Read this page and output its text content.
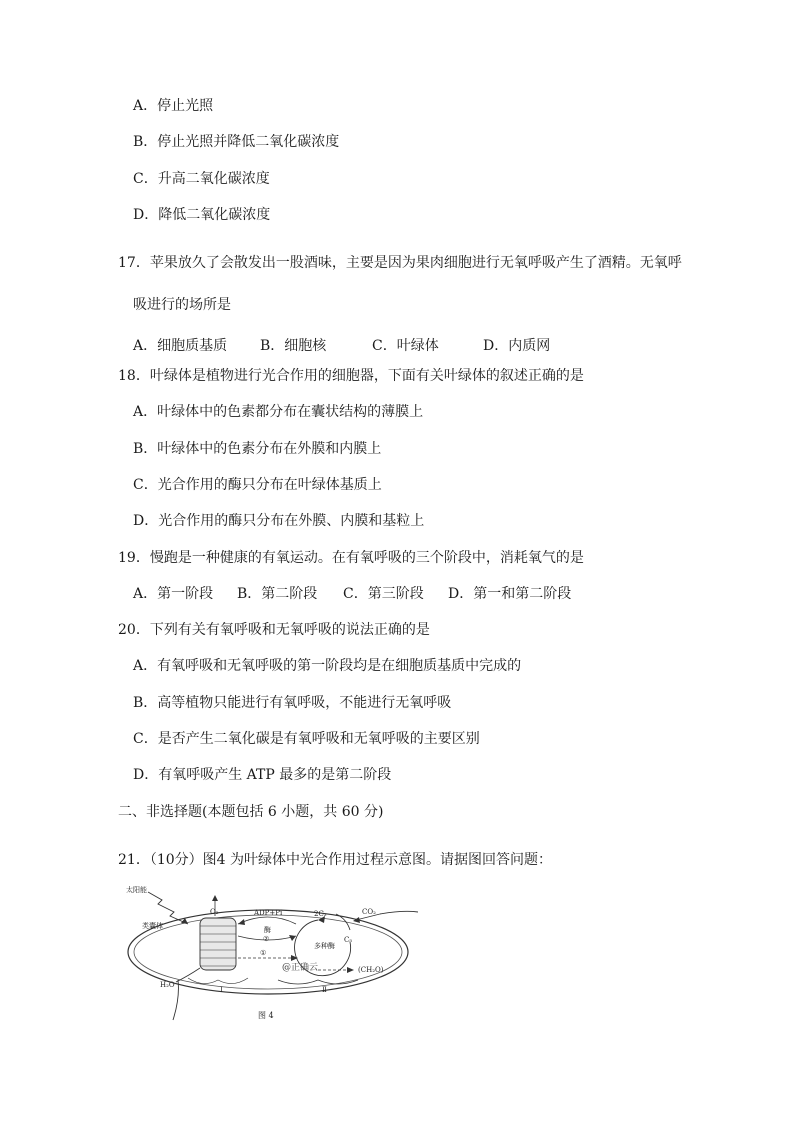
A．停止光照
B．停止光照并降低二氧化碳浓度
C．升高二氧化碳浓度
D．降低二氧化碳浓度
17．苹果放久了会散发出一股酒味，主要是因为果肉细胞进行无氧呼吸产生了酒精。无氧呼
吸进行的场所是
A．细胞质基质 B．细胞核	C．叶绿体	D．内质网
18．叶绿体是植物进行光合作用的细胞器，下面有关叶绿体的叙述正确的是
A．叶绿体中的色素都分布在囊状结构的薄膜上
B．叶绿体中的色素分布在外膜和内膜上
C．光合作用的酶只分布在叶绿体基质上
D．光合作用的酶只分布在外膜、内膜和基粒上
19．慢跑是一种健康的有氧运动。在有氧呼吸的三个阶段中，消耗氧气的是
A．第一阶段 B．第二阶段 C．第三阶段 D．第一和第二阶段
20．下列有关有氧呼吸和无氧呼吸的说法正确的是
A．有氧呼吸和无氧呼吸的第一阶段均是在细胞质基质中完成的
B．高等植物只能进行有氧呼吸，不能进行无氧呼吸
C．是否产生二氧化碳是有氧呼吸和无氧呼吸的主要区别
D．有氧呼吸产生 ATP 最多的是第二阶段
二、非选择题(本题包括 6 小题，共 60 分)
21．（10分）图4 为叶绿体中光合作用过程示意图。请据图回答问题：
太阳能
类囊体
O₂
H₂O
ADP+Pi
酶
②
①
2C₃	CO₂
多种酶
C₅
(CH₂O)
Ⅰ	Ⅱ
@正确云
图 4
